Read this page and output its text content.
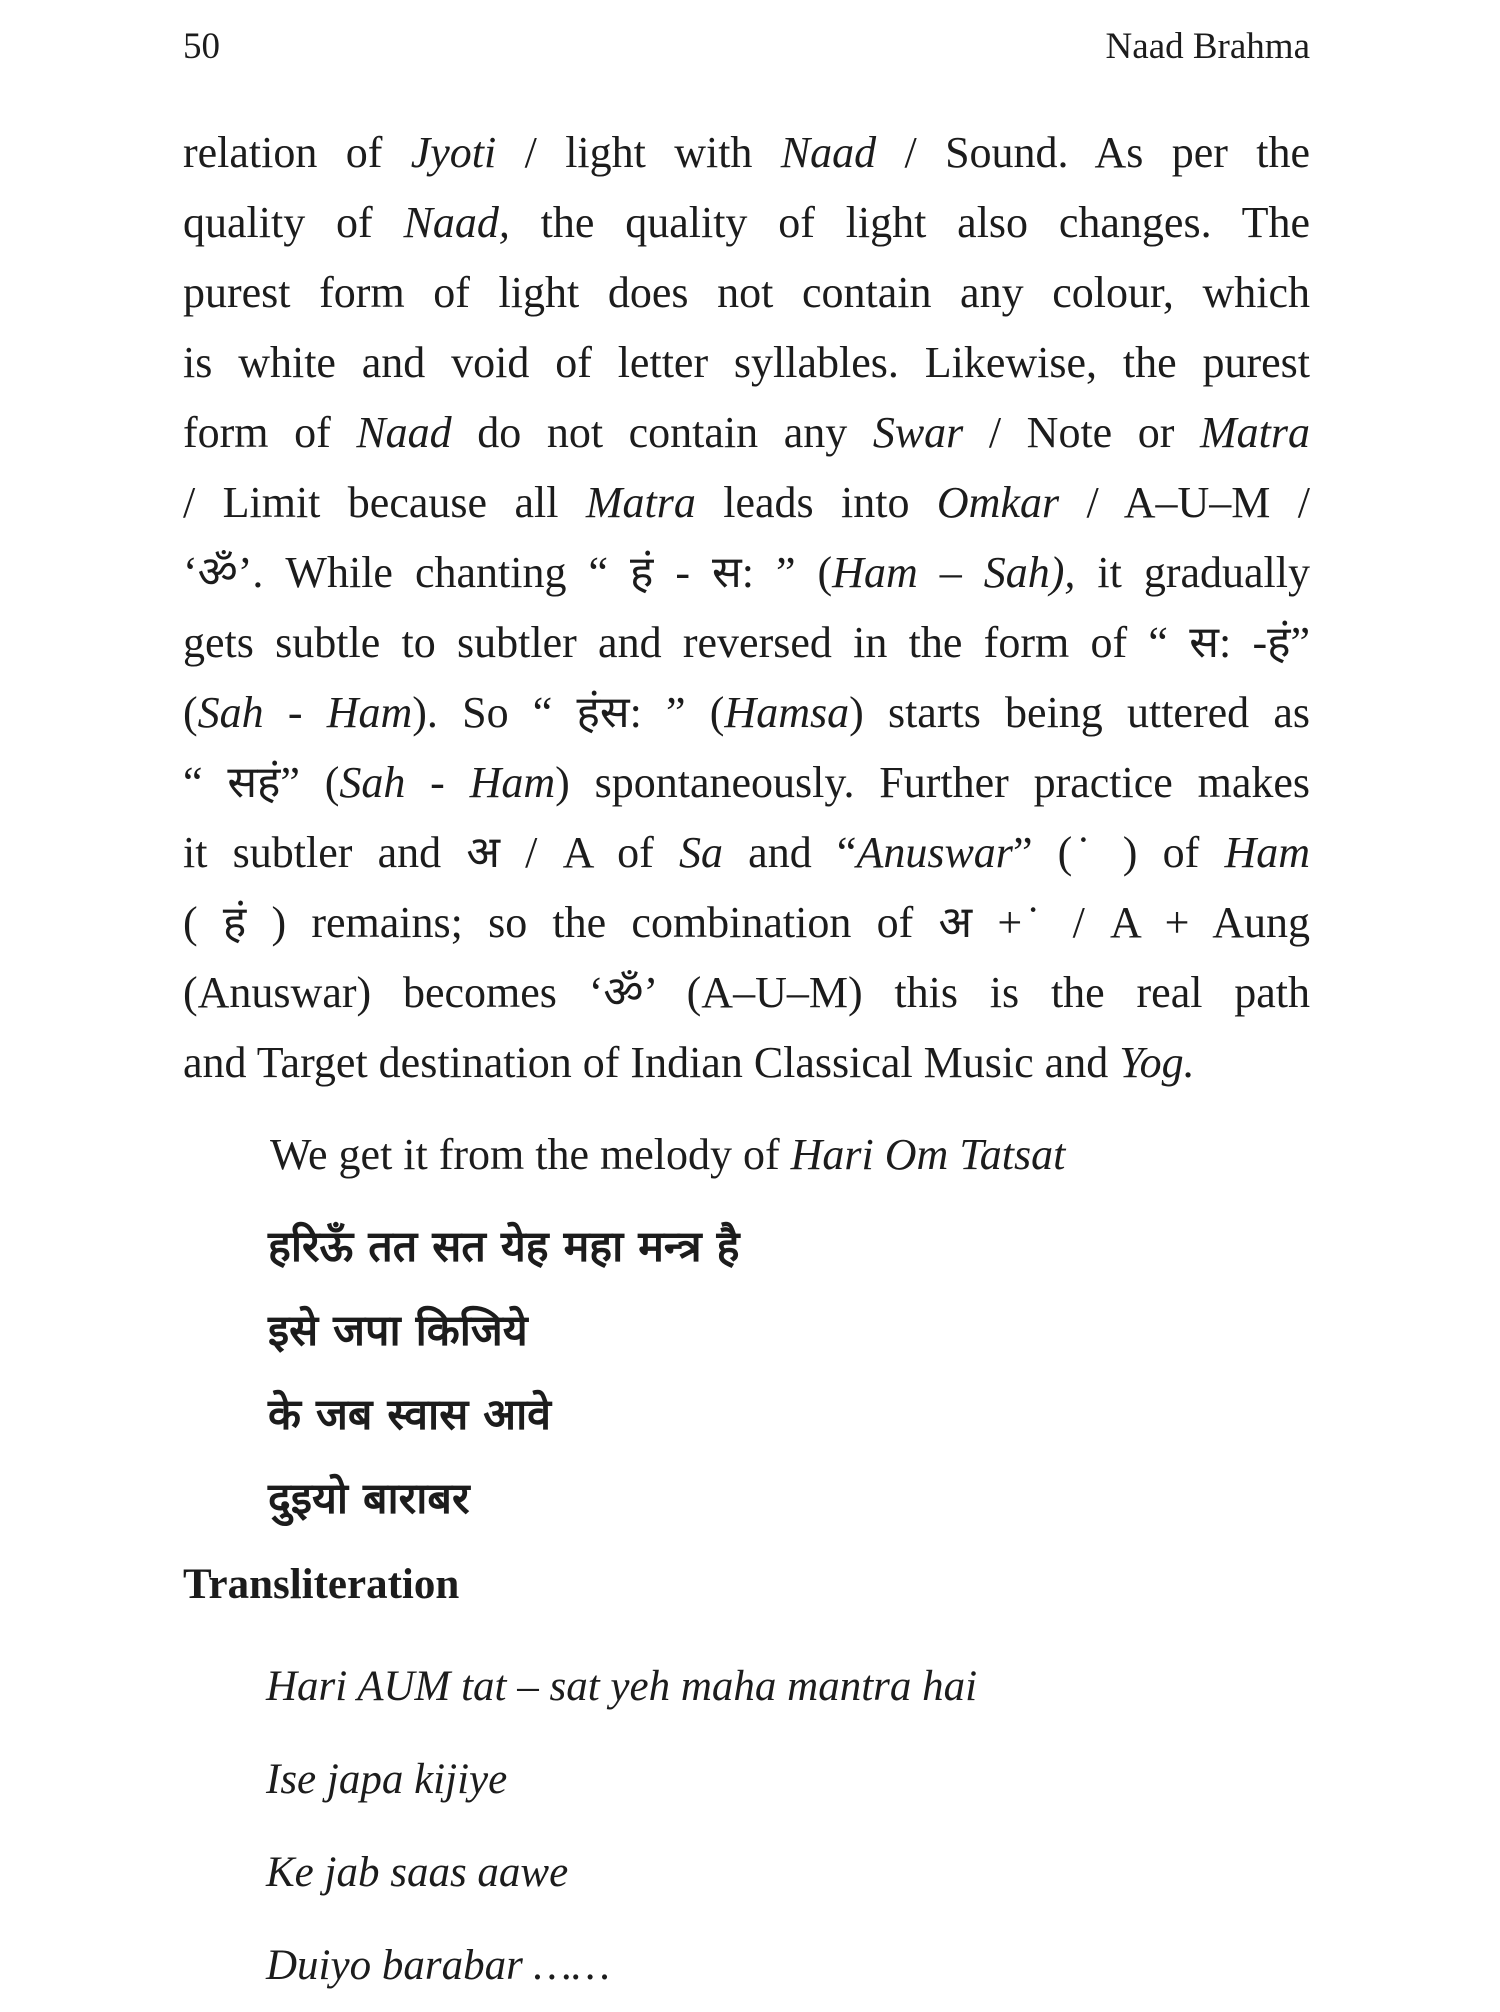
50	Naad Brahma
relation of Jyoti / light with Naad / Sound. As per the
quality of Naad, the quality of light also changes. The
purest form of light does not contain any colour, which
is white and void of letter syllables. Likewise, the purest
form of Naad do not contain any Swar / Note or Matra
/ Limit because all Matra leads into Omkar / A–U–M /
‘ॐ’. While chanting “ हं - स: ” (Ham – Sah), it gradually
gets subtle to subtler and reversed in the form of “ स: -हं”
(Sah - Ham). So “ हंस: ” (Hamsa) starts being uttered as
“ सहं” (Sah - Ham) spontaneously. Further practice makes
it subtler and अ / A of Sa and “Anuswar” ( ̇ ) of Ham
( हं ) remains; so the combination of अ + ̇ / A + Aung
(Anuswar) becomes ‘ॐ’ (A–U–M) this is the real path
and Target destination of Indian Classical Music and Yog.

We get it from the melody of Hari Om Tatsat

हरिऊँ तत सत येह महा मन्त्र है
इसे जपा किजिये
के जब स्वास आवे
दुइयो बाराबर
Transliteration
Hari AUM tat – sat yeh maha mantra hai
Ise japa kijiye
Ke jab saas aawe
Duiyo barabar ……
